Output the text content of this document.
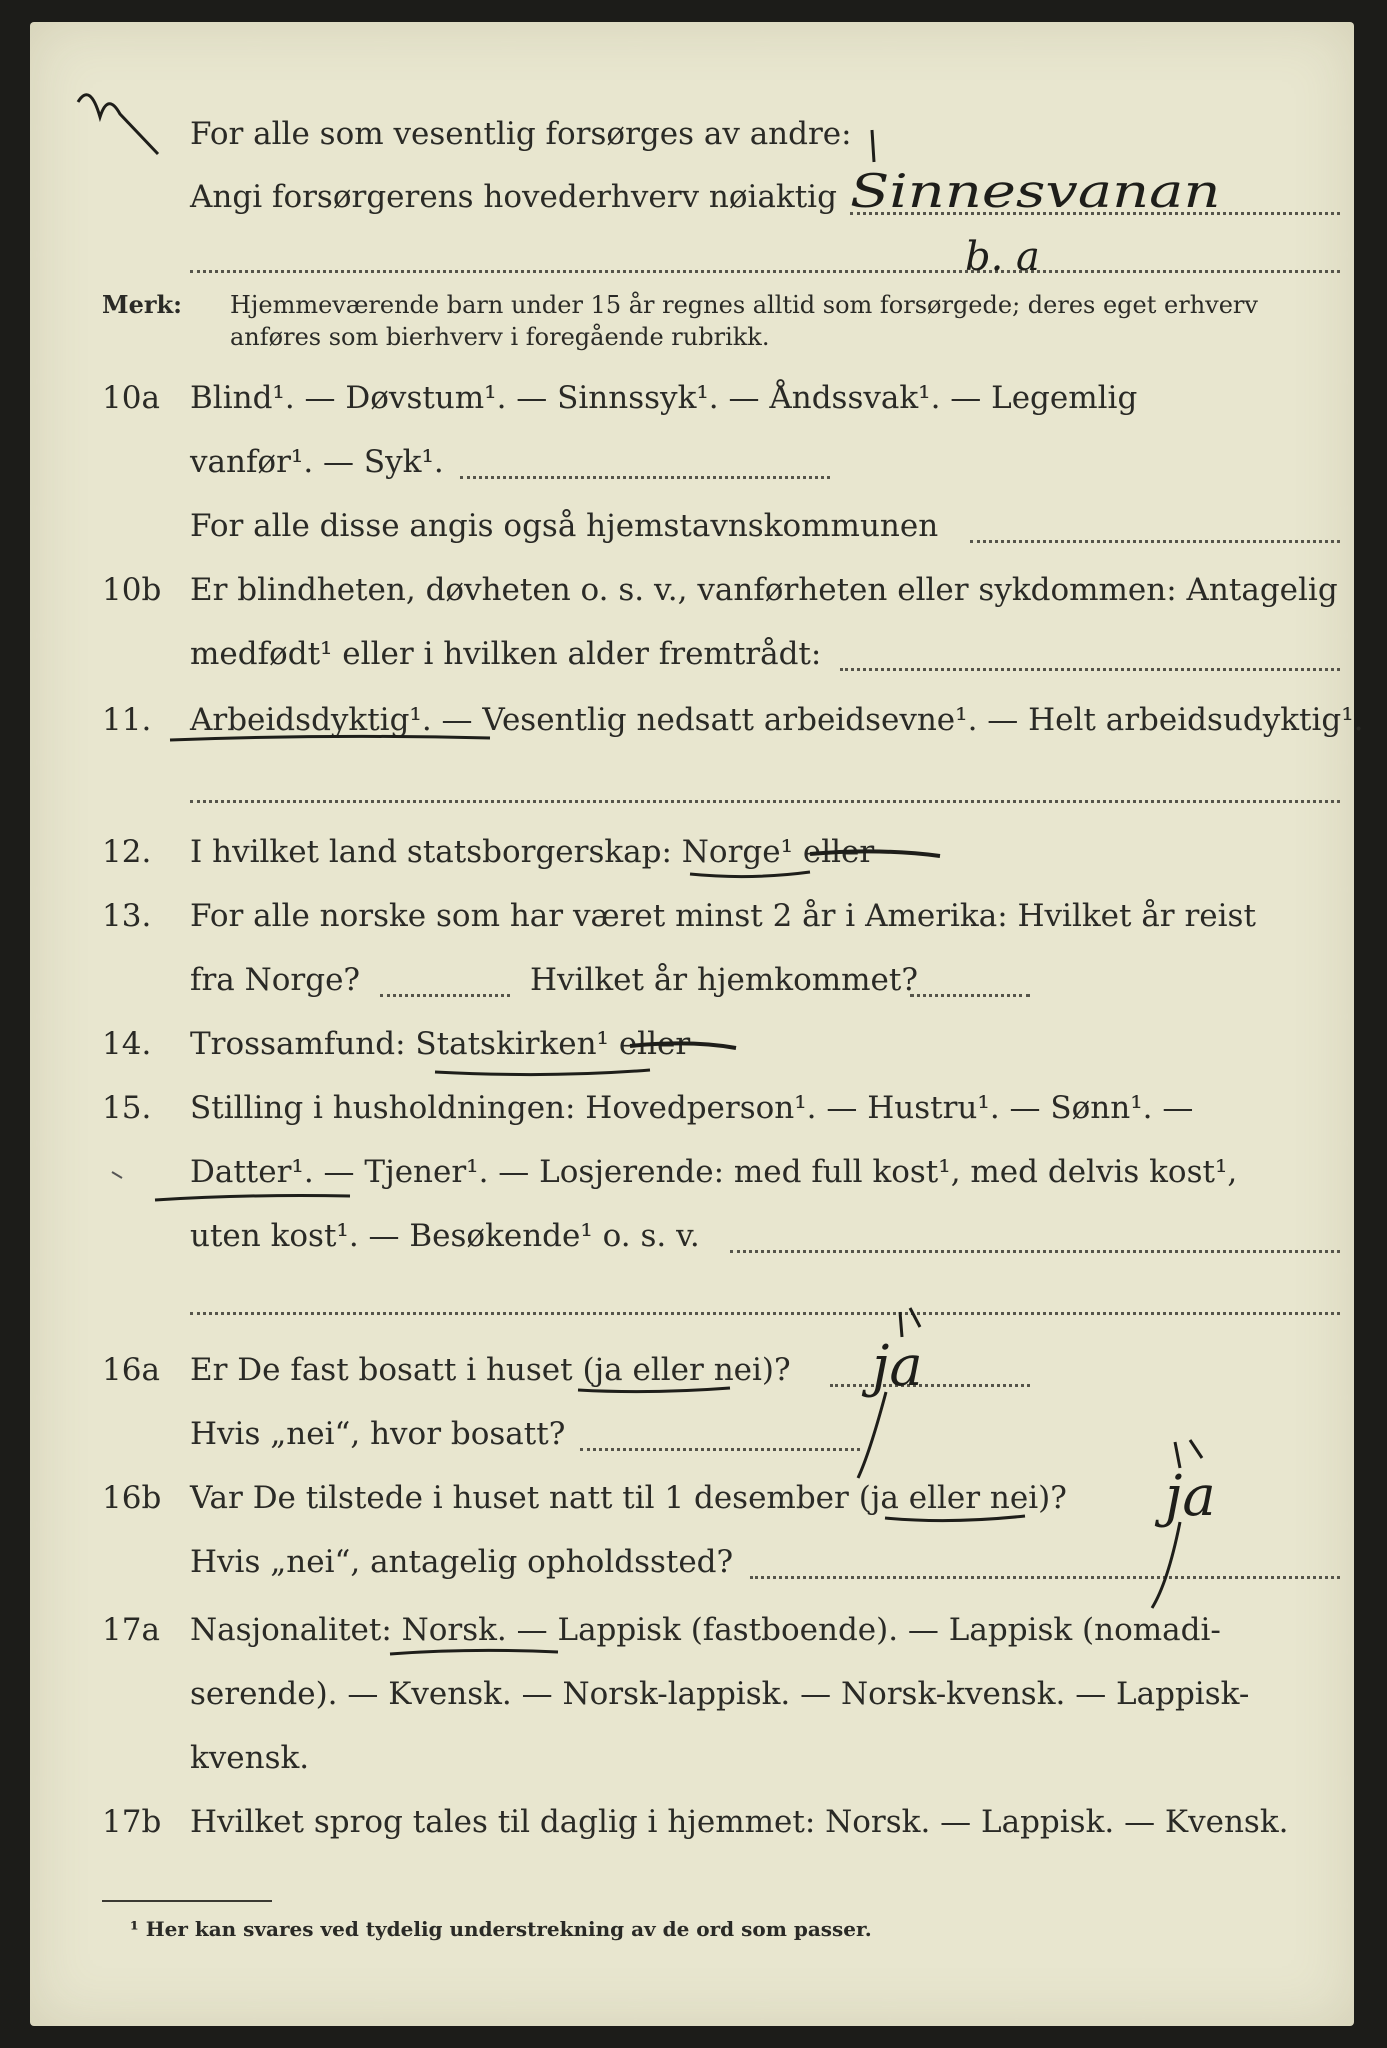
For alle som vesentlig forsørges av andre:
Angi forsørgerens hovederhverv nøiaktig Sinnesvanan
b. a
Merk: Hjemmeværende barn under 15 år regnes alltid som forsørgede; deres eget erhverv
anføres som bierhverv i foregående rubrikk.
10a Blind¹. — Døvstum¹. — Sinnssyk¹. — Åndssvak¹. — Legemlig
vanfør¹. — Syk¹.
For alle disse angis også hjemstavnskommunen
10b Er blindheten, døvheten o. s. v., vanførheten eller sykdommen: Antagelig
medfødt¹ eller i hvilken alder fremtrådt:
11. Arbeidsdyktig¹. — Vesentlig nedsatt arbeidsevne¹. — Helt arbeidsudyktig¹.
12. I hvilket land statsborgerskap: Norge¹ eller
13. For alle norske som har været minst 2 år i Amerika: Hvilket år reist
fra Norge?	Hvilket år hjemkommet?
14. Trossamfund: Statskirken¹ eller
15. Stilling i husholdningen: Hovedperson¹. — Hustru¹. — Sønn¹. —
Datter¹. — Tjener¹. — Losjerende: med full kost¹, med delvis kost¹,
uten kost¹. — Besøkende¹ o. s. v.
16a Er De fast bosatt i huset (ja eller nei)? ja
Hvis „nei“, hvor bosatt?
16b Var De tilstede i huset natt til 1 desember (ja eller nei)? ja
Hvis „nei“, antagelig opholdssted?
17a Nasjonalitet: Norsk. — Lappisk (fastboende). — Lappisk (nomadi-
serende). — Kvensk. — Norsk-lappisk. — Norsk-kvensk. — Lappisk-
kvensk.
17b Hvilket sprog tales til daglig i hjemmet: Norsk. — Lappisk. — Kvensk.
¹ Her kan svares ved tydelig understrekning av de ord som passer.
